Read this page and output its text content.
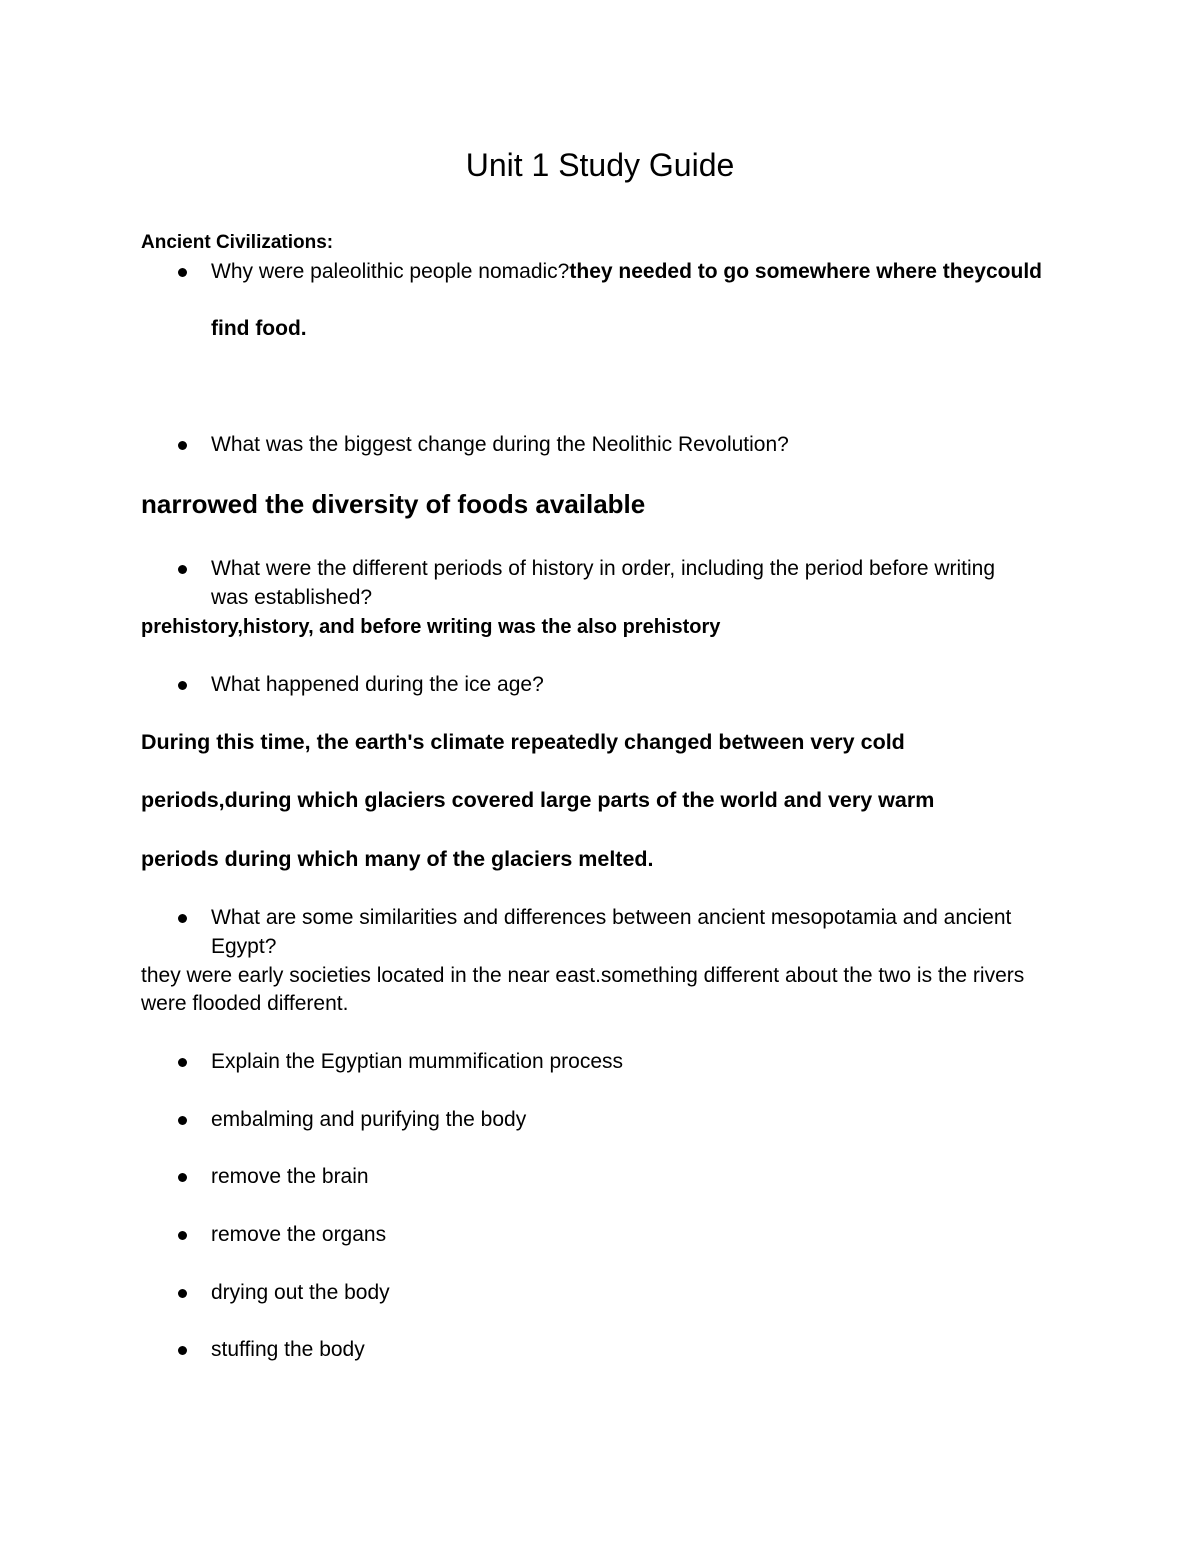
Unit 1 Study Guide
Ancient Civilizations:
Why were paleolithic people nomadic?they needed to go somewhere where theycould
find food.
What was the biggest change during the Neolithic Revolution?
narrowed the diversity of foods available
What were the different periods of history in order, including the period before writing
was established?
prehistory,history, and before writing was the also prehistory
What happened during the ice age?
During this time, the earth's climate repeatedly changed between very cold
periods,during which glaciers covered large parts of the world and very warm
periods during which many of the glaciers melted.
What are some similarities and differences between ancient mesopotamia and ancient
Egypt?
they were early societies located in the near east.something different about the two is the rivers
were flooded different.
Explain the Egyptian mummification process
embalming and purifying the body
remove the brain
remove the organs
drying out the body
stuffing the body
